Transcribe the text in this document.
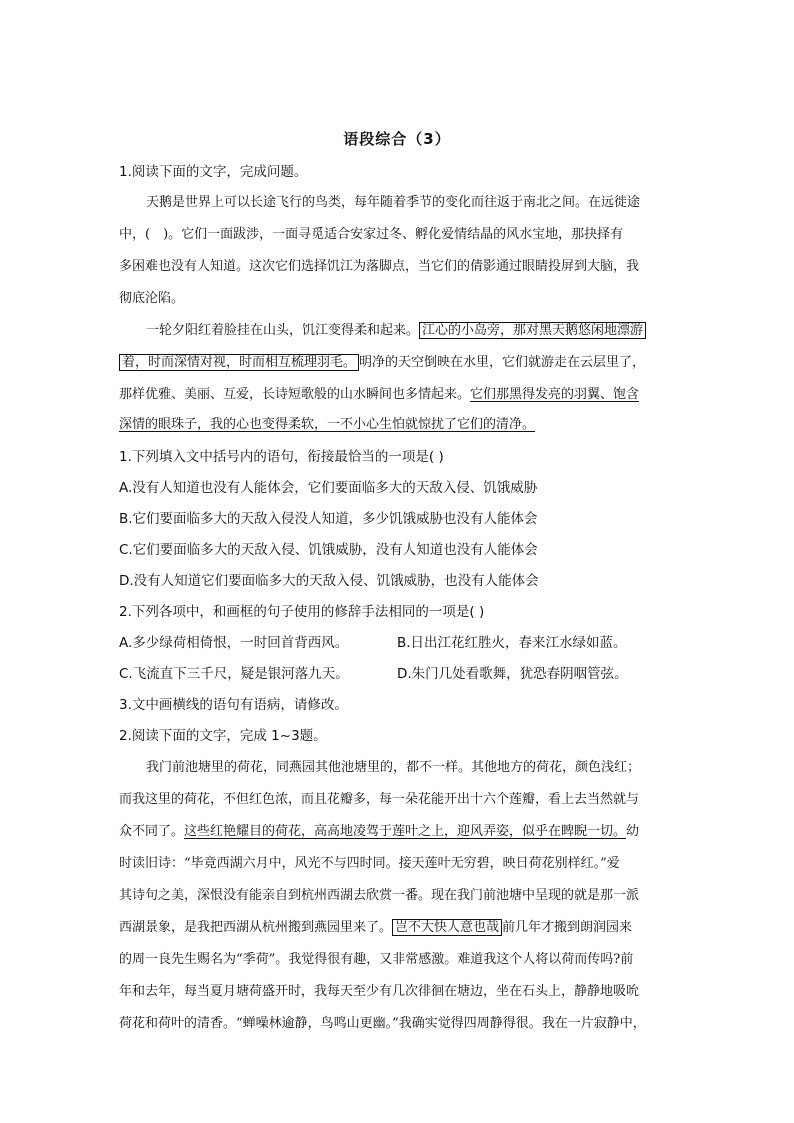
语段综合（3）
1.阅读下面的文字，完成问题。
天鹅是世界上可以长途飞行的鸟类，每年随着季节的变化而往返于南北之间。在远徙途
中，(　)。它们一面跋涉，一面寻觅适合安家过冬、孵化爱情结晶的风水宝地，那抉择有
多困难也没有人知道。这次它们选择饥江为落脚点，当它们的倩影通过眼睛投屏到大脑，我
彻底沦陷。
一轮夕阳红着脸挂在山头，饥江变得柔和起来。 江心的小岛旁，那对黑天鹅悠闲地漂游
着，时而深情对视，时而相互梳理羽毛。 明净的天空倒映在水里，它们就游走在云层里了，
那样优雅、美丽、互爱，长诗短歌般的山水瞬间也多情起来。它们那黑得发亮的羽翼、饱含
深情的眼珠子，我的心也变得柔软，一不小心生怕就惊扰了它们的清净。
1.下列填入文中括号内的语句，衔接最恰当的一项是( )
A.没有人知道也没有人能体会，它们要面临多大的天敌入侵、饥饿威胁
B.它们要面临多大的天敌入侵没人知道，多少饥饿威胁也没有人能体会
C.它们要面临多大的天敌入侵、饥饿威胁，没有人知道也没有人能体会
D.没有人知道它们要面临多大的天敌入侵、饥饿威胁，也没有人能体会
2.下列各项中，和画框的句子使用的修辞手法相同的一项是( )
A.多少绿荷相倚恨，一时回首背西风。	B.日出江花红胜火，春来江水绿如蓝。
C.飞流直下三千尺，疑是银河落九天。	D.朱门几处看歌舞，犹恐春阴咽管弦。
3.文中画横线的语句有语病，请修改。
2.阅读下面的文字，完成 1~3题。
我门前池塘里的荷花，同燕园其他池塘里的，都不一样。其他地方的荷花，颜色浅红；
而我这里的荷花，不但红色浓，而且花瓣多，每一朵花能开出十六个莲瓣，看上去当然就与
众不同了。这些红艳耀目的荷花，高高地凌驾于莲叶之上，迎风弄姿，似乎在睥睨一切。幼
时读旧诗：“毕竟西湖六月中，风光不与四时同。接天莲叶无穷碧，映日荷花别样红。”爱
其诗句之美，深恨没有能亲自到杭州西湖去欣赏一番。现在我门前池塘中呈现的就是那一派
西湖景象，是我把西湖从杭州搬到燕园里来了。 岂不大快人意也哉 前几年才搬到朗润园来
的周一良先生赐名为“季荷”。我觉得很有趣，又非常感激。难道我这个人将以荷而传吗?前
年和去年，每当夏月塘荷盛开时，我每天至少有几次徘徊在塘边，坐在石头上，静静地吸吮
荷花和荷叶的清香。“蝉噪林逾静，鸟鸣山更幽。”我确实觉得四周静得很。我在一片寂静中，
